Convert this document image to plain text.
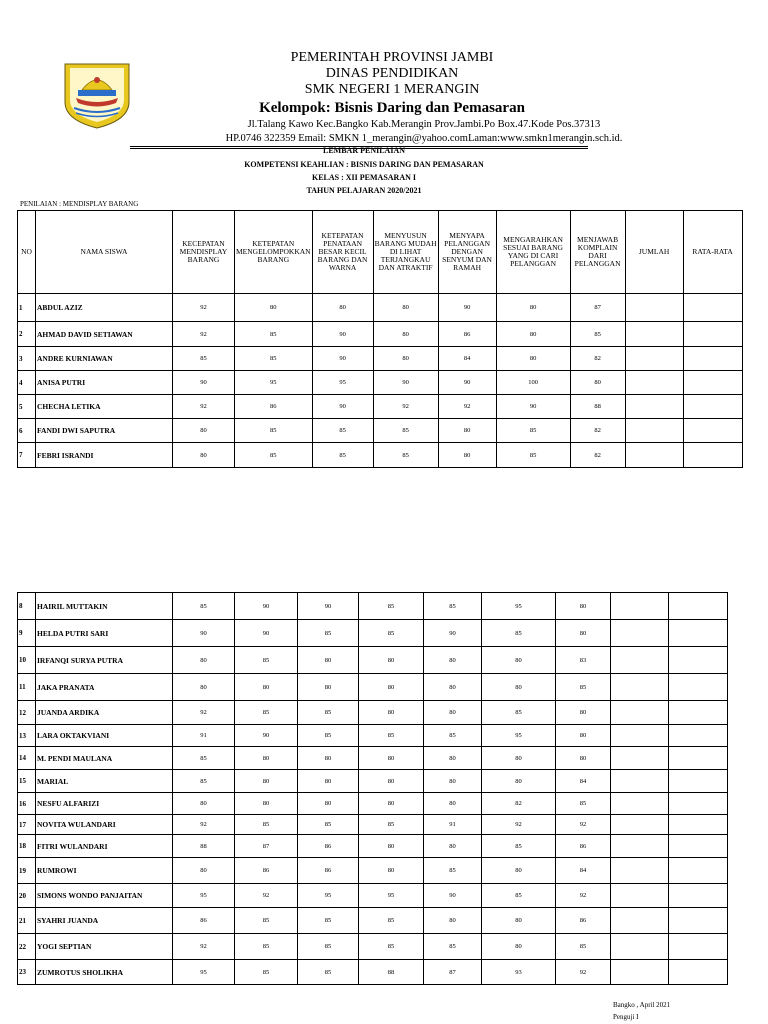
PEMERINTAH PROVINSI JAMBI
DINAS PENDIDIKAN
SMK NEGERI 1 MERANGIN
Kelompok: Bisnis Daring dan Pemasaran
Jl.Talang Kawo Kec.Bangko Kab.Merangin Prov.Jambi.Po Box.47.Kode Pos.37313
HP.0746 322359 Email: SMKN 1_merangin@yahoo.comLaman:www.smkn1merangin.sch.id.
LEMBAR PENILAIAN
KOMPETENSI KEAHLIAN : BISNIS DARING DAN PEMASARAN
KELAS : XII PEMASARAN I
TAHUN PELAJARAN 2020/2021
PENILAIAN : MENDISPLAY BARANG
NO	NAMA SISWA	KECEPATAN MENDISPLAY BARANG	KETEPATAN MENGELOMPOKKAN BARANG	KETEPATAN PENATAAN BESAR KECIL BARANG DAN WARNA	MENYUSUN BARANG MUDAH DI LIHAT TERJANGKAU DAN ATRAKTIF	MENYAPA PELANGGAN DENGAN SENYUM DAN RAMAH	MENGARAHKAN SESUAI BARANG YANG DI CARI PELANGGAN	MENJAWAB KOMPLAIN DARI PELANGGAN	JUMLAH	RATA-RATA
1	ABDUL AZIZ	92	80	80	80	90	80	87		
2	AHMAD DAVID SETIAWAN	92	85	90	80	86	80	85		
3	ANDRE KURNIAWAN	85	85	90	80	84	80	82		
4	ANISA PUTRI	90	95	95	90	90	100	80		
5	CHECHA LETIKA	92	86	90	92	92	90	88		
6	FANDI DWI SAPUTRA	80	85	85	85	80	85	82		
7	FEBRI ISRANDI	80	85	85	85	80	85	82		
8	HAIRIL MUTTAKIN	85	90	90	85	85	95	80		
9	HELDA PUTRI SARI	90	90	85	85	90	85	80		
10	IRFANQI SURYA PUTRA	80	85	80	80	80	80	83		
11	JAKA PRANATA	80	80	80	80	80	80	85		
12	JUANDA ARDIKA	92	85	85	80	80	85	80		
13	LARA OKTAKVIANI	91	90	85	85	85	95	80		
14	M. PENDI MAULANA	85	80	80	80	80	80	80		
15	MARIAL	85	80	80	80	80	80	84		
16	NESFU ALFARIZI	80	80	80	80	80	82	85		
17	NOVITA WULANDARI	92	85	85	85	91	92	92		
18	FITRI WULANDARI	88	87	86	80	80	85	86		
19	RUMROWI	80	86	86	80	85	80	84		
20	SIMONS WONDO PANJAITAN	95	92	95	95	90	85	92		
21	SYAHRI JUANDA	86	85	85	85	80	80	86		
22	YOGI SEPTIAN	92	85	85	85	85	80	85		
23	ZUMROTUS SHOLIKHA	95	85	85	88	87	93	92		
Bangko , April 2021
Penguji I
